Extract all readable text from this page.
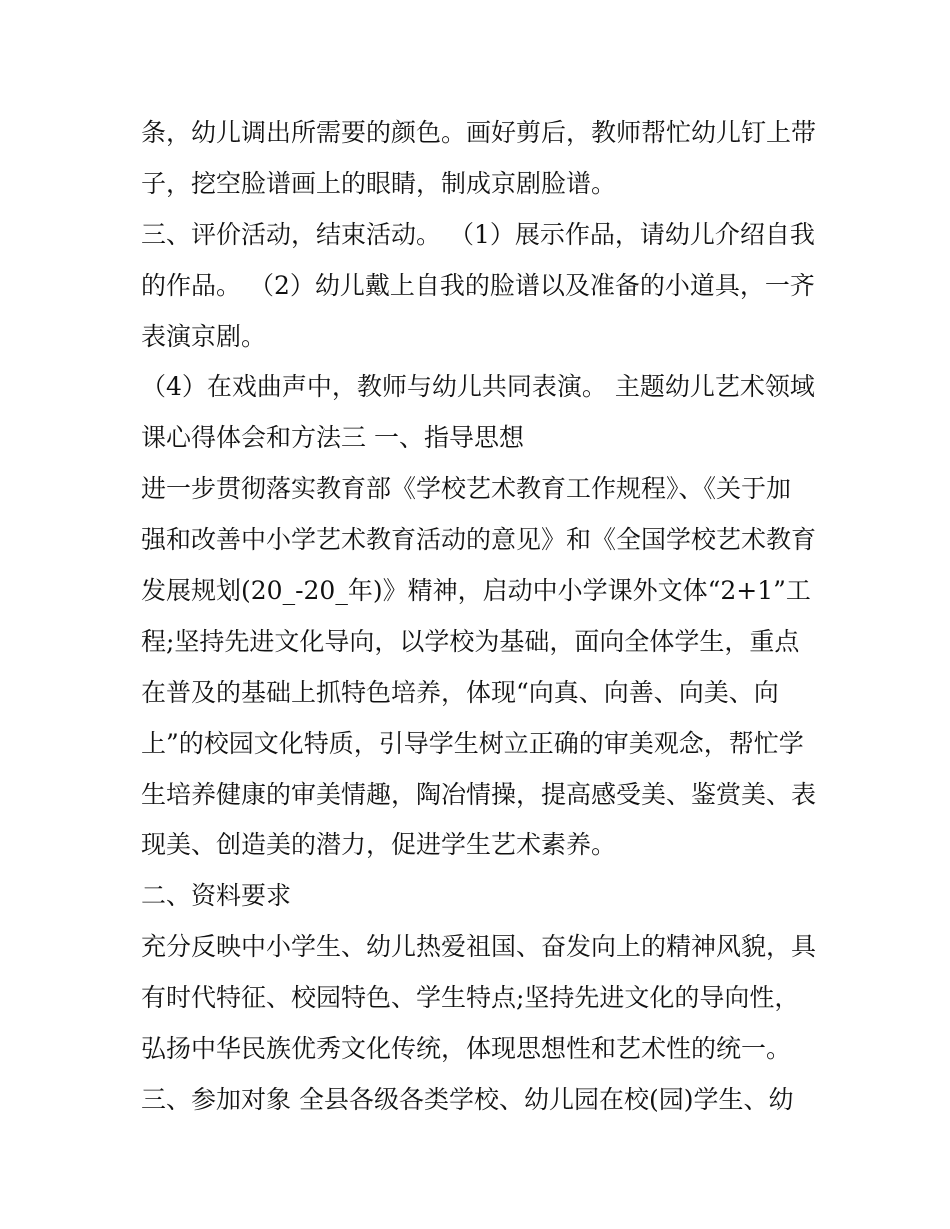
条，幼儿调出所需要的颜色。画好剪后，教师帮忙幼儿钉上带
子，挖空脸谱画上的眼睛，制成京剧脸谱。
三、评价活动，结束活动。 （1）展示作品，请幼儿介绍自我
的作品。 （2）幼儿戴上自我的脸谱以及准备的小道具，一齐
表演京剧。
（4）在戏曲声中，教师与幼儿共同表演。 主题幼儿艺术领域
课心得体会和方法三 一、指导思想
进一步贯彻落实教育部《学校艺术教育工作规程》、《关于加
强和改善中小学艺术教育活动的意见》和《全国学校艺术教育
发展规划(20_-20_年)》精神，启动中小学课外文体“2+1”工
程;坚持先进文化导向，以学校为基础，面向全体学生，重点
在普及的基础上抓特色培养，体现“向真、向善、向美、向
上”的校园文化特质，引导学生树立正确的审美观念，帮忙学
生培养健康的审美情趣，陶冶情操，提高感受美、鉴赏美、表
现美、创造美的潜力，促进学生艺术素养。
二、资料要求
充分反映中小学生、幼儿热爱祖国、奋发向上的精神风貌，具
有时代特征、校园特色、学生特点;坚持先进文化的导向性，
弘扬中华民族优秀文化传统，体现思想性和艺术性的统一。
三、参加对象 全县各级各类学校、幼儿园在校(园)学生、幼
